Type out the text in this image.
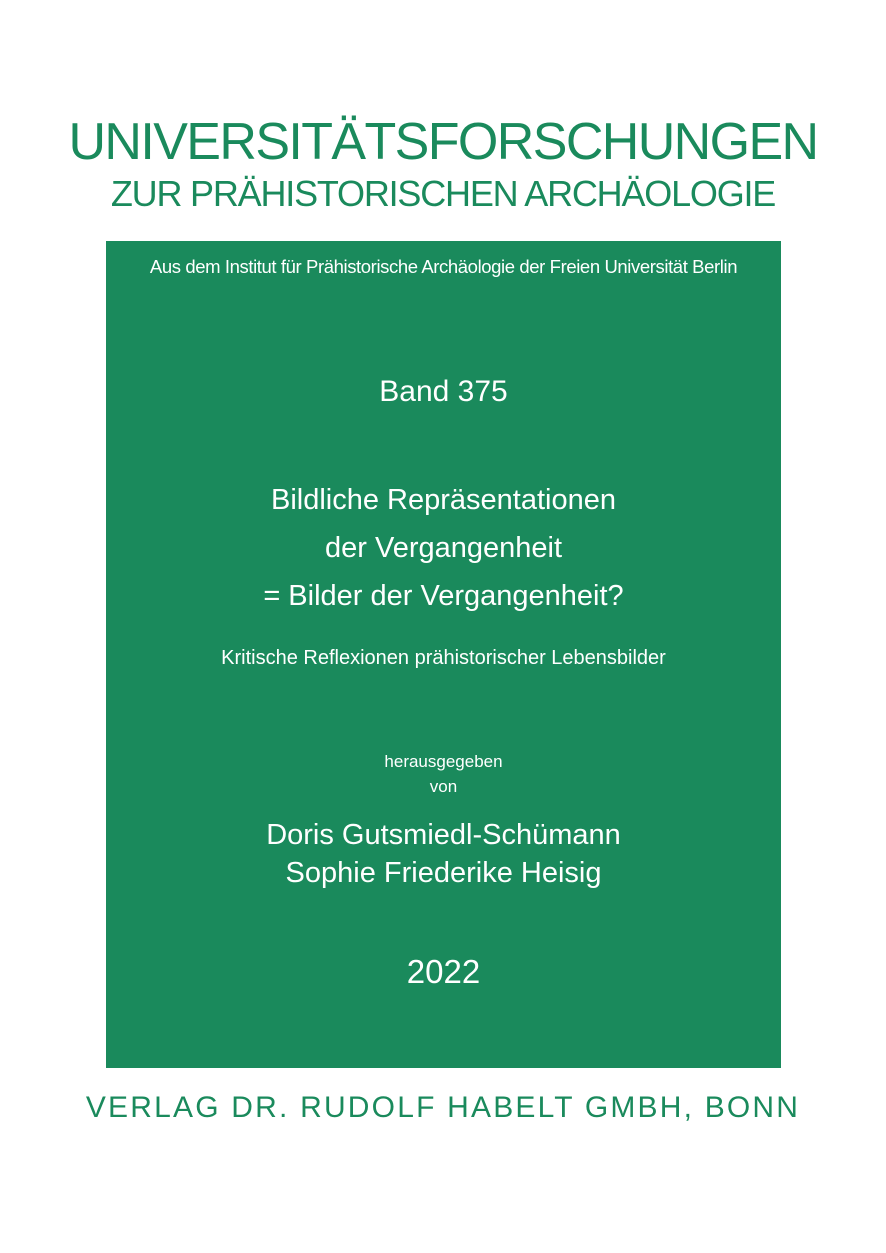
UNIVERSITÄTSFORSCHUNGEN
ZUR PRÄHISTORISCHEN ARCHÄOLOGIE
Aus dem Institut für Prähistorische Archäologie der Freien Universität Berlin
Band 375
Bildliche Repräsentationen
der Vergangenheit
= Bilder der Vergangenheit?
Kritische Reflexionen prähistorischer Lebensbilder
herausgegeben
von
Doris Gutsmiedl-Schümann
Sophie Friederike Heisig
2022
VERLAG DR. RUDOLF HABELT GMBH, BONN
